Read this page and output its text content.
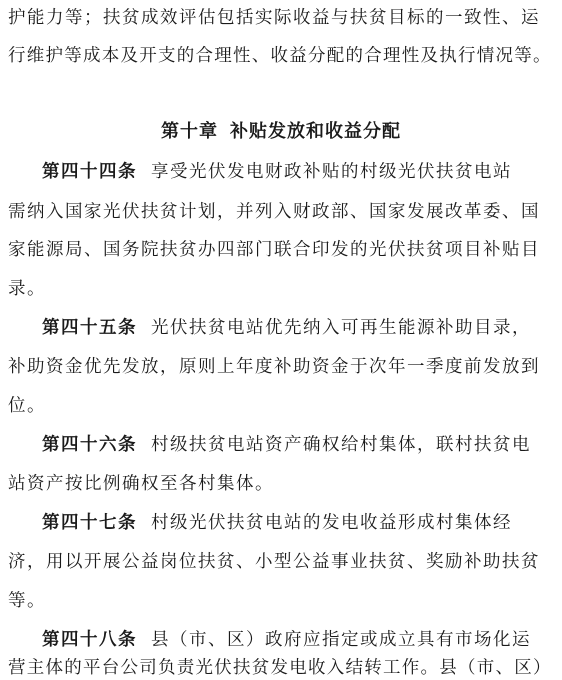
护能力等；扶贫成效评估包括实际收益与扶贫目标的一致性、运
行维护等成本及开支的合理性、收益分配的合理性及执行情况等。
第十章 补贴发放和收益分配
第四十四条 享受光伏发电财政补贴的村级光伏扶贫电站
需纳入国家光伏扶贫计划，并列入财政部、国家发展改革委、国
家能源局、国务院扶贫办四部门联合印发的光伏扶贫项目补贴目
录。
第四十五条 光伏扶贫电站优先纳入可再生能源补助目录，
补助资金优先发放，原则上年度补助资金于次年一季度前发放到
位。
第四十六条 村级扶贫电站资产确权给村集体，联村扶贫电
站资产按比例确权至各村集体。
第四十七条 村级光伏扶贫电站的发电收益形成村集体经
济，用以开展公益岗位扶贫、小型公益事业扶贫、奖励补助扶贫
等。
第四十八条 县（市、区）政府应指定或成立具有市场化运
营主体的平台公司负责光伏扶贫发电收入结转工作。县（市、区）
